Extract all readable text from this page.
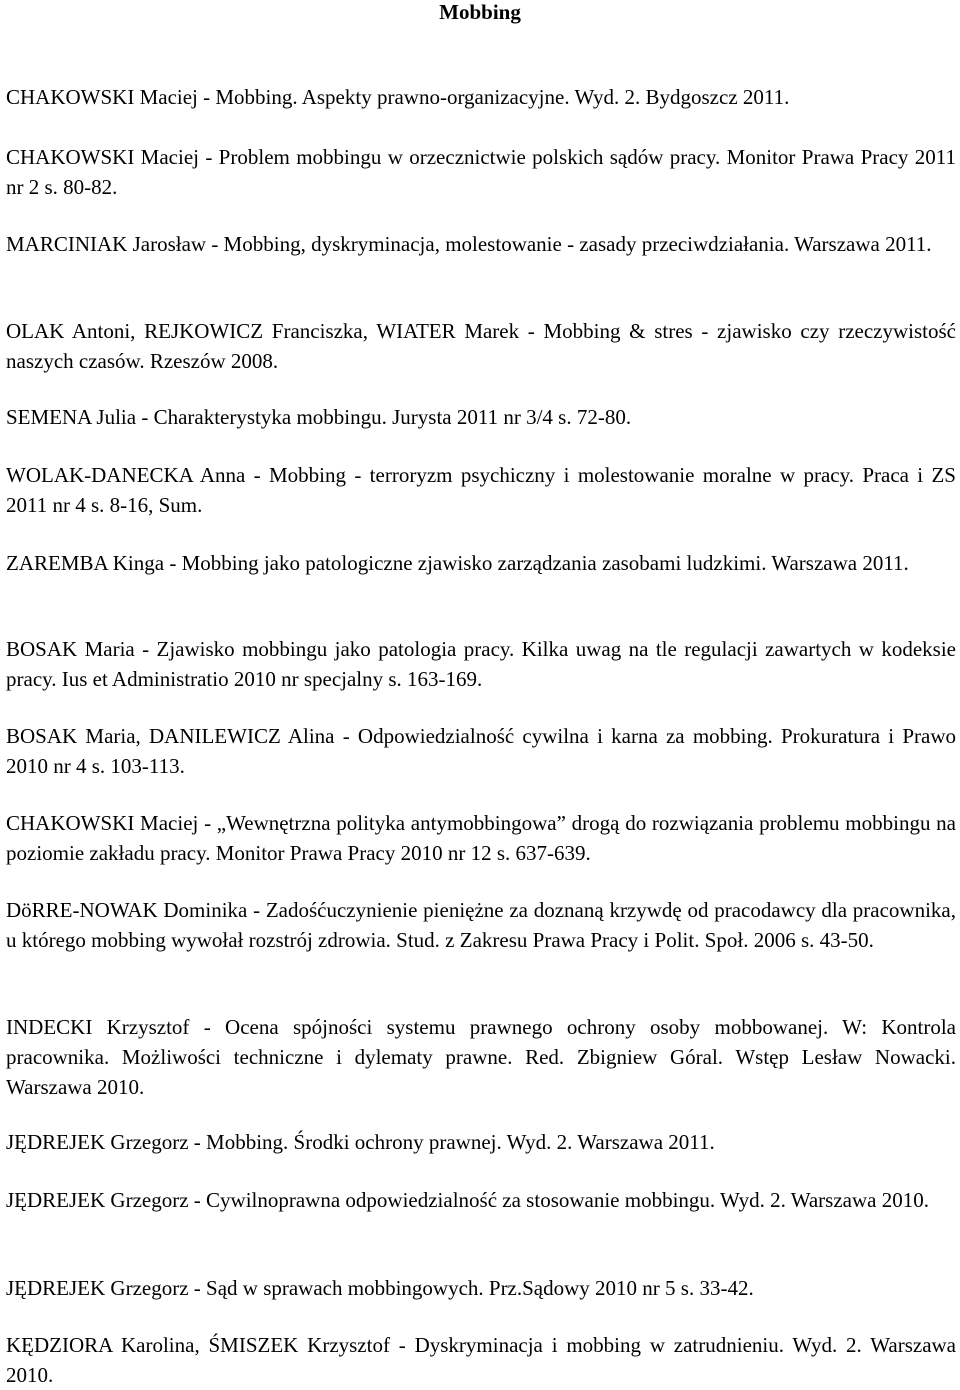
Mobbing
CHAKOWSKI Maciej - Mobbing. Aspekty prawno-organizacyjne. Wyd. 2. Bydgoszcz 2011.
CHAKOWSKI Maciej - Problem mobbingu w orzecznictwie polskich sądów pracy. Monitor Prawa Pracy 2011 nr 2 s. 80-82.
MARCINIAK Jarosław - Mobbing, dyskryminacja, molestowanie - zasady przeciwdziałania. Warszawa 2011.
OLAK Antoni, REJKOWICZ Franciszka, WIATER Marek - Mobbing & stres - zjawisko czy rzeczywistość naszych czasów. Rzeszów 2008.
SEMENA Julia - Charakterystyka mobbingu. Jurysta 2011 nr 3/4 s. 72-80.
WOLAK-DANECKA Anna - Mobbing - terroryzm psychiczny i molestowanie moralne w pracy. Praca i ZS 2011 nr 4 s. 8-16, Sum.
ZAREMBA Kinga - Mobbing jako patologiczne zjawisko zarządzania zasobami ludzkimi. Warszawa 2011.
BOSAK Maria - Zjawisko mobbingu jako patologia pracy. Kilka uwag na tle regulacji zawartych w kodeksie pracy. Ius et Administratio 2010 nr specjalny s. 163-169.
BOSAK Maria, DANILEWICZ Alina - Odpowiedzialność cywilna i karna za mobbing. Prokuratura i Prawo 2010 nr 4 s. 103-113.
CHAKOWSKI Maciej - „Wewnętrzna polityka antymobbingowa” drogą do rozwiązania problemu mobbingu na poziomie zakładu pracy. Monitor Prawa Pracy 2010 nr 12 s. 637-639.
DöRRE-NOWAK Dominika - Zadośćuczynienie pieniężne za doznaną krzywdę od pracodawcy dla pracownika, u którego mobbing wywołał rozstrój zdrowia. Stud. z Zakresu Prawa Pracy i Polit. Społ. 2006 s. 43-50.
INDECKI Krzysztof - Ocena spójności systemu prawnego ochrony osoby mobbowanej. W: Kontrola pracownika. Możliwości techniczne i dylematy prawne. Red. Zbigniew Góral. Wstęp Lesław Nowacki. Warszawa 2010.
JĘDREJEK Grzegorz - Mobbing. Środki ochrony prawnej. Wyd. 2. Warszawa 2011.
JĘDREJEK Grzegorz - Cywilnoprawna odpowiedzialność za stosowanie mobbingu. Wyd. 2. Warszawa 2010.
JĘDREJEK Grzegorz - Sąd w sprawach mobbingowych. Prz.Sądowy 2010 nr 5 s. 33-42.
KĘDZIORA Karolina, ŚMISZEK Krzysztof - Dyskryminacja i mobbing w zatrudnieniu. Wyd. 2. Warszawa 2010.
